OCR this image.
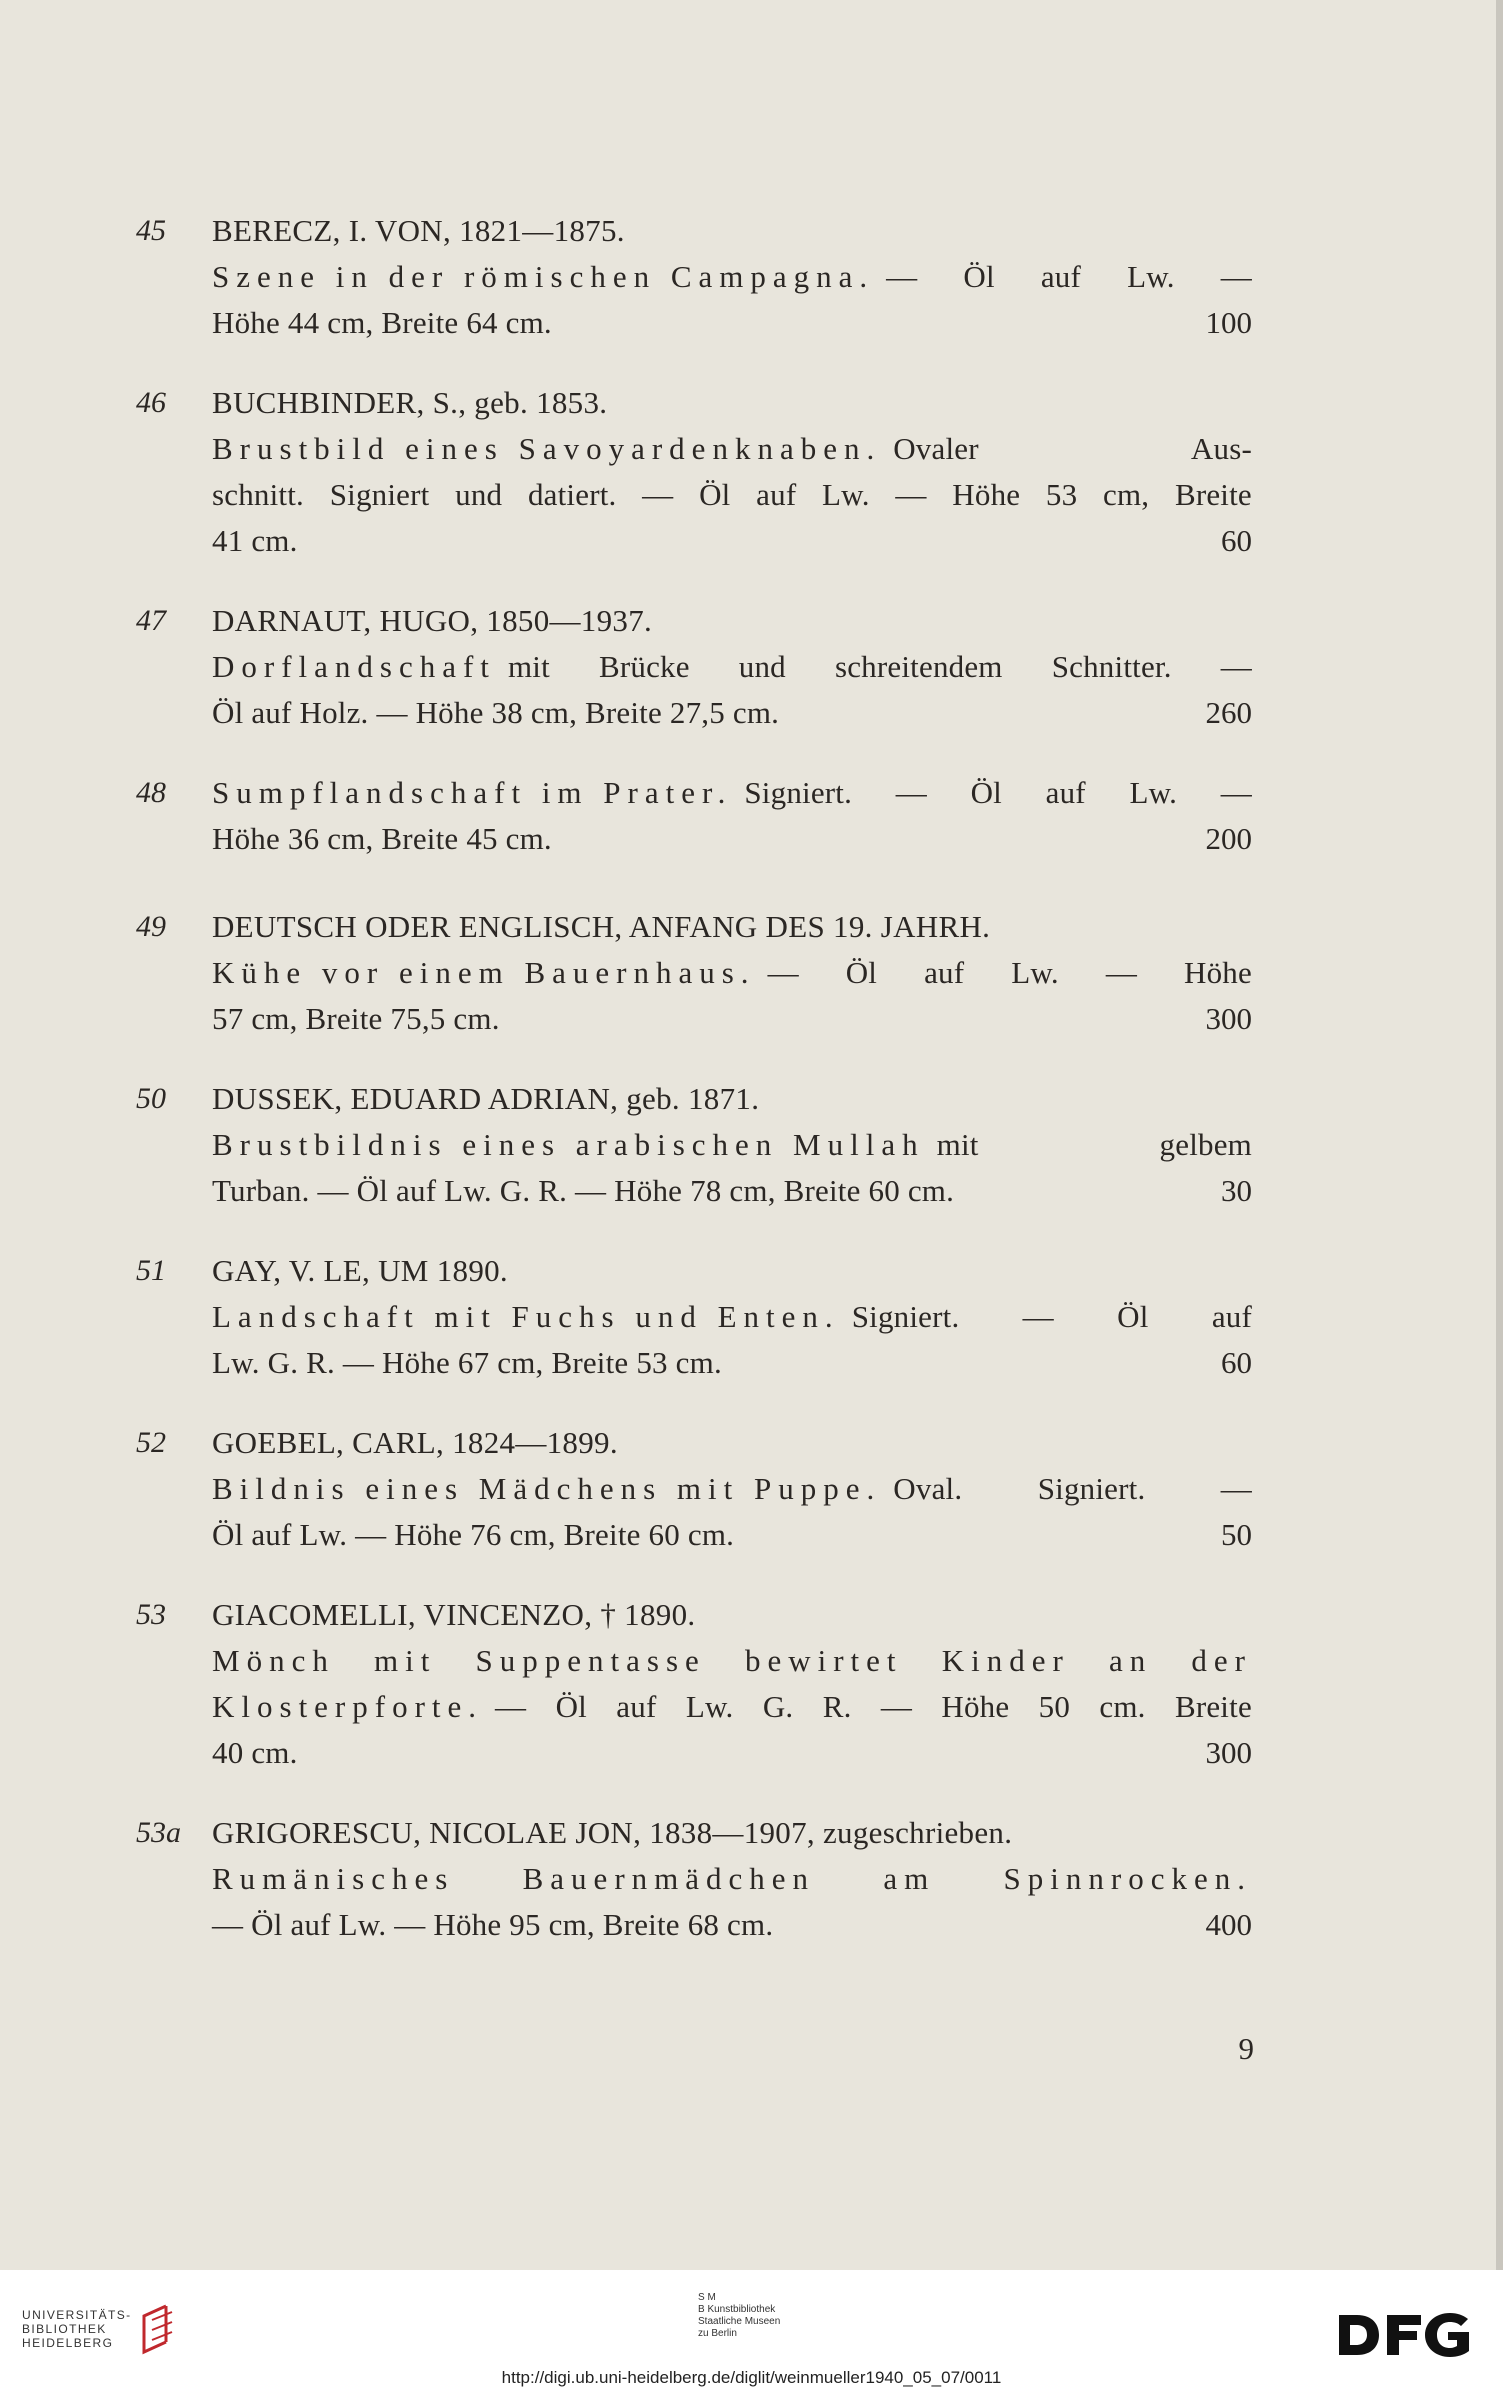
45	BERECZ, I. VON, 1821—1875.
Szene in der römischen Campagna. — Öl auf Lw. —
Höhe 44 cm, Breite 64 cm.	100
46	BUCHBINDER, S., geb. 1853.
Brustbild eines Savoyardenknaben. Ovaler	Aus-
schnitt. Signiert und datiert. — Öl auf Lw. — Höhe 53 cm, Breite
41 cm.	60
47	DARNAUT, HUGO, 1850—1937.
Dorflandschaft mit Brücke und schreitendem Schnitter. —
Öl auf Holz. — Höhe 38 cm, Breite 27,5 cm.	260
48	Sumpflandschaft im Prater. Signiert. — Öl auf Lw. —
Höhe 36 cm, Breite 45 cm.	200
49	DEUTSCH ODER ENGLISCH, ANFANG DES 19. JAHRH.
Kühe vor einem Bauernhaus. — Öl auf Lw. — Höhe
57 cm, Breite 75,5 cm.	300
50	DUSSEK, EDUARD ADRIAN, geb. 1871.
Brustbildnis eines arabischen Mullah mit	gelbem
Turban. — Öl auf Lw. G. R. — Höhe 78 cm, Breite 60 cm.	30
51	GAY, V. LE, UM 1890.
Landschaft mit Fuchs und Enten. Signiert. — Öl auf
Lw. G. R. — Höhe 67 cm, Breite 53 cm.	60
52	GOEBEL, CARL, 1824—1899.
Bildnis eines Mädchens mit Puppe. Oval. Signiert. —
Öl auf Lw. — Höhe 76 cm, Breite 60 cm.	50
53	GIACOMELLI, VINCENZO, † 1890.
Mönch mit Suppentasse bewirtet Kinder an der
Klosterpforte. — Öl auf Lw. G. R. — Höhe 50 cm. Breite
40 cm.	300
53a	GRIGORESCU, NICOLAE JON, 1838—1907, zugeschrieben.
Rumänisches Bauernmädchen am Spinnrocken.
— Öl auf Lw. — Höhe 95 cm, Breite 68 cm.	400
9
UNIVERSITÄTS-
BIBLIOTHEK
HEIDELBERG
S M
B Kunstbibliothek
Staatliche Museen
zu Berlin
http://digi.ub.uni-heidelberg.de/diglit/weinmueller1940_05_07/0011
